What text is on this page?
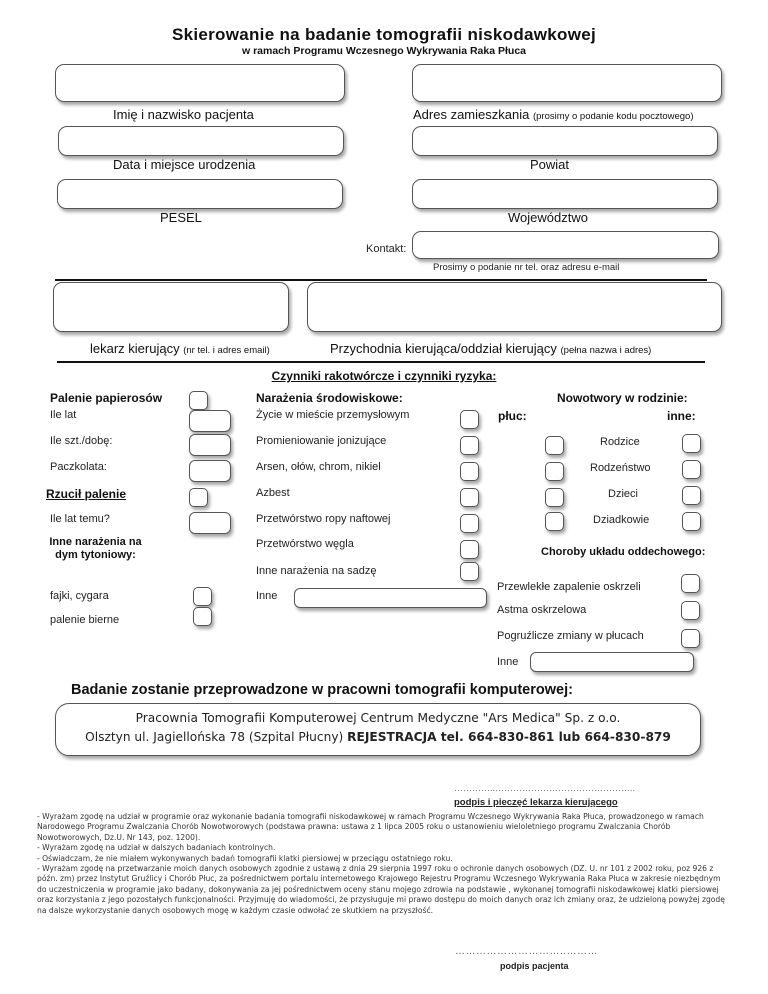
Skierowanie na badanie tomografii niskodawkowej
w ramach Programu Wczesnego Wykrywania Raka Płuca
Imię i nazwisko pacjenta	Adres zamieszkania (prosimy o podanie kodu pocztowego)
Data i miejsce urodzenia	Powiat
PESEL	Województwo
Kontakt:
Prosimy o podanie nr tel. oraz adresu e-mail
lekarz kierujący (nr tel. i adres email)	Przychodnia kierująca/oddział kierujący (pełna nazwa i adres)
Czynniki rakotwórcze i czynniki ryzyka:
Palenie papierosów
Ile lat
Ile szt./dobę:
Paczkolata:
Rzucił palenie
Ile lat temu?
Inne narażenia na dym tytoniowy:
fajki, cygara
palenie bierne
Narażenia środowiskowe:
Życie w mieście przemysłowym
Promieniowanie jonizujące
Arsen, ołów, chrom, nikiel
Azbest
Przetwórstwo ropy naftowej
Przetwórstwo węgla
Inne narażenia na sadzę
Inne
Nowotwory w rodzinie:
płuc:	inne:
Rodzice
Rodzeństwo
Dzieci
Dziadkowie
Choroby układu oddechowego:
Przewlekłe zapalenie oskrzeli
Astma oskrzelowa
Pogruźlicze zmiany w płucach
Inne
Badanie zostanie przeprowadzone w pracowni tomografii komputerowej:
Pracownia Tomografii Komputerowej Centrum Medyczne "Ars Medica" Sp. z o.o.
Olsztyn ul. Jagiellońska 78 (Szpital Płucny) REJESTRACJA tel. 664-830-861 lub 664-830-879
…………..………………………………………..
podpis i pieczęć lekarza kierującego

- Wyrażam zgodę na udział w programie oraz wykonanie badania tomografii niskodawkowej w ramach Programu Wczesnego Wykrywania Raka Płuca, prowadzonego w ramach Narodowego Programu Zwalczania Chorób Nowotworowych (podstawa prawna: ustawa z 1 lipca 2005 roku o ustanowieniu wieloletniego programu Zwalczania Chorób Nowotworowych, Dz.U. Nr 143, poz. 1200).

- Wyrażam zgodę na udział w dalszych badaniach kontrolnych.

- Oświadczam, że nie miałem wykonywanych badań tomografii klatki piersiowej w przeciągu ostatniego roku.

- Wyrażam zgodę na przetwarzanie moich danych osobowych zgodnie z ustawą z dnia 29 sierpnia 1997 roku o ochronie danych osobowych (DZ. U. nr 101 z 2002 roku, poz 926 z późn. zm) przez Instytut Gruźlicy i Chorób Płuc, za pośrednictwem portalu internetowego Krajowego Rejestru Programu Wczesnego Wykrywania Raka Płuca w zakresie niezbędnym do uczestniczenia w programie jako badany, dokonywania za jej pośrednictwem oceny stanu mojego zdrowia na podstawie , wykonanej tomografii niskodawkowej klatki piersiowej oraz korzystania z jego pozostałych funkcjonalności. Przyjmuję do wiadomości, że przysługuje mi prawo dostępu do moich danych oraz ich zmiany oraz, że udzieloną powyżej zgodę na dalsze wykorzystanie danych osobowych mogę w każdym czasie odwołać ze skutkiem na przyszłość.

…………………………..………
podpis pacjenta
